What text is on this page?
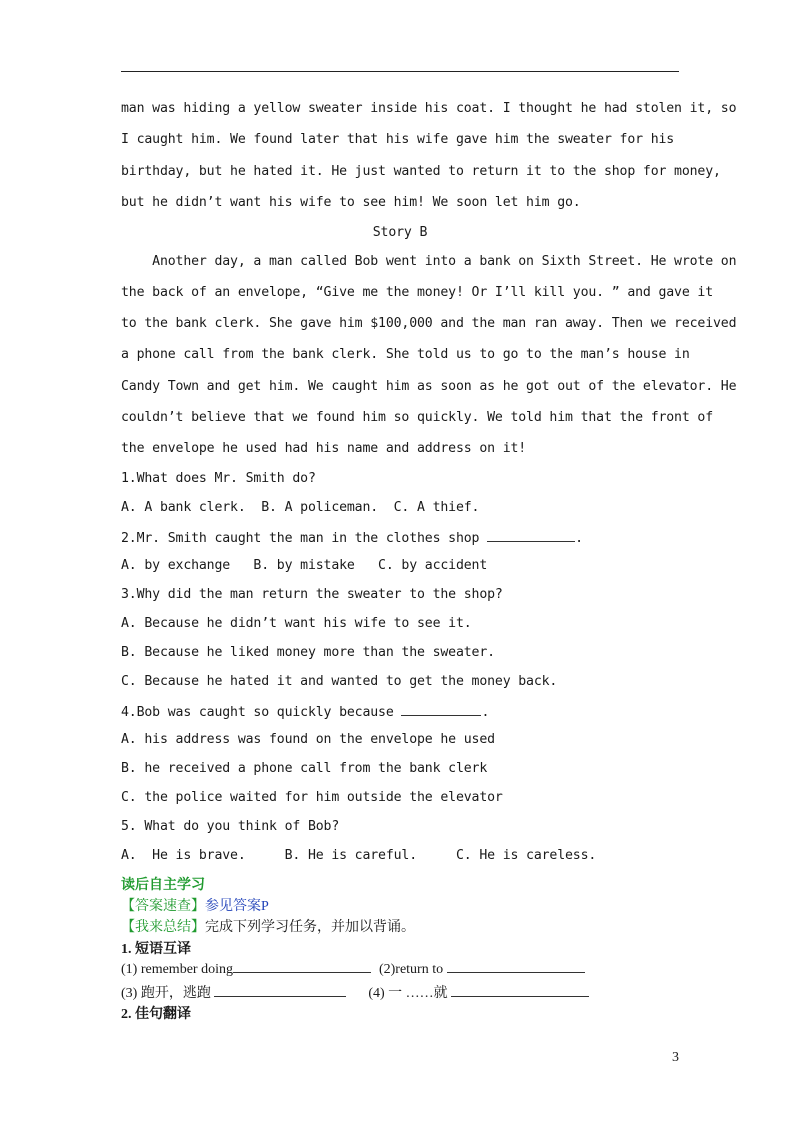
man was hiding a yellow sweater inside his coat. I thought he had stolen it, so
I caught him. We found later that his wife gave him the sweater for his
birthday, but he hated it. He just wanted to return it to the shop for money,
but he didn’t want his wife to see him! We soon let him go.
Story B
Another day, a man called Bob went into a bank on Sixth Street. He wrote on
the back of an envelope, “Give me the money! Or I’ll kill you. ” and gave it
to the bank clerk. She gave him $100,000 and the man ran away. Then we received
a phone call from the bank clerk. She told us to go to the man’s house in
Candy Town and get him. We caught him as soon as he got out of the elevator. He
couldn’t believe that we found him so quickly. We told him that the front of
the envelope he used had his name and address on it!
1.What does Mr. Smith do?
A. A bank clerk.  B. A policeman.  C. A thief.
2.Mr. Smith caught the man in the clothes shop	.
A. by exchange   B. by mistake   C. by accident
3.Why did the man return the sweater to the shop?
A. Because he didn’t want his wife to see it.
B. Because he liked money more than the sweater.
C. Because he hated it and wanted to get the money back.
4.Bob was caught so quickly because	.
A. his address was found on the envelope he used
B. he received a phone call from the bank clerk
C. the police waited for him outside the elevator
5. What do you think of Bob?
A.  He is brave.     B. He is careful.     C. He is careless.
读后自主学习
【答案速查】参见答案P
【我来总结】完成下列学习任务，并加以背诵。
1. 短语互译
(1) remember doing	(2)return to
(3) 跑开，逃跑	(4) 一 ……就
2. 佳句翻译
3
